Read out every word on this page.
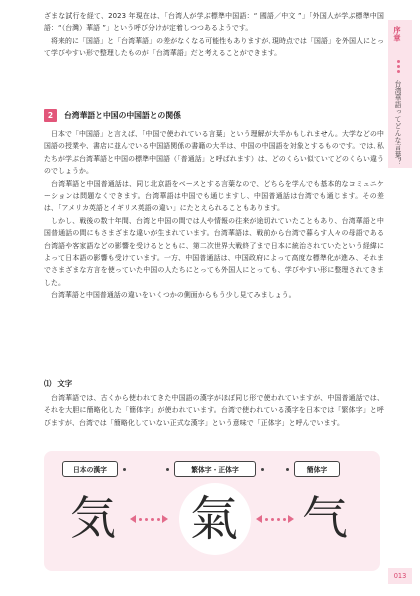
序章
台湾華語ってどんな言葉？

ざまな試行を経て、2023 年現在は、「台湾人が学ぶ標準中国語：“ 國語／中文 ”」「外国人が学ぶ標準中国語：“（台灣）華語 ”」という呼び分けが定着しつつあるようです。

将来的に「国語」と「台湾華語」の差がなくなる可能性もありますが､現時点では「国語」を外国人にとって学びやすい形で整理したものが「台湾華語」だと考えることができます。

2	台湾華語と中国の中国語との関係

日本で「中国語」と言えば、「中国で使われている言葉」という理解が大半かもしれません。大学などの中国語の授業や、書店に並んでいる中国語関係の書籍の大半は、中国の中国語を対象とするものです。では､私たちが学ぶ台湾華語と中国の標準中国語（「普通話」と呼ばれます）は、どのくらい似ていてどのくらい違うのでしょうか。

台湾華語と中国普通話は、同じ北京語をベースとする言葉なので、どちらを学んでも基本的なコミュニケーションは問題なくできます。台湾華語は中国でも通じますし、中国普通話は台湾でも通じます。その差は、「アメリカ英語とイギリス英語の違い」にたとえられることもあります。

しかし、戦後の数十年間、台湾と中国の間では人や情報の往来が途切れていたこともあり、台湾華語と中国普通話の間にもさまざまな違いが生まれています。台湾華語は、戦前から台湾で暮らす人々の母語である台湾語や客家語などの影響を受けるとともに、第二次世界大戦終了まで日本に統治されていたという経緯によって日本語の影響も受けています。一方、中国普通話は、中国政府によって高度な標準化が進み、それまでさまざまな方言を使っていた中国の人たちにとっても外国人にとっても、学びやすい形に整理されてきました。

台湾華語と中国普通話の違いをいくつかの側面からもう少し見てみましょう。

⑴ 文字

台湾華語では、古くから使われてきた中国語の漢字がほぼ同じ形で使われていますが、中国普通話では、それを大胆に簡略化した「簡体字」が使われています。台湾で使われている漢字を日本では「繁体字」と呼びますが、台湾では「簡略化していない正式な漢字」という意味で「正体字」と呼んでいます。

日本の漢字	繁体字・正体字	簡体字
気 氣 气
013
